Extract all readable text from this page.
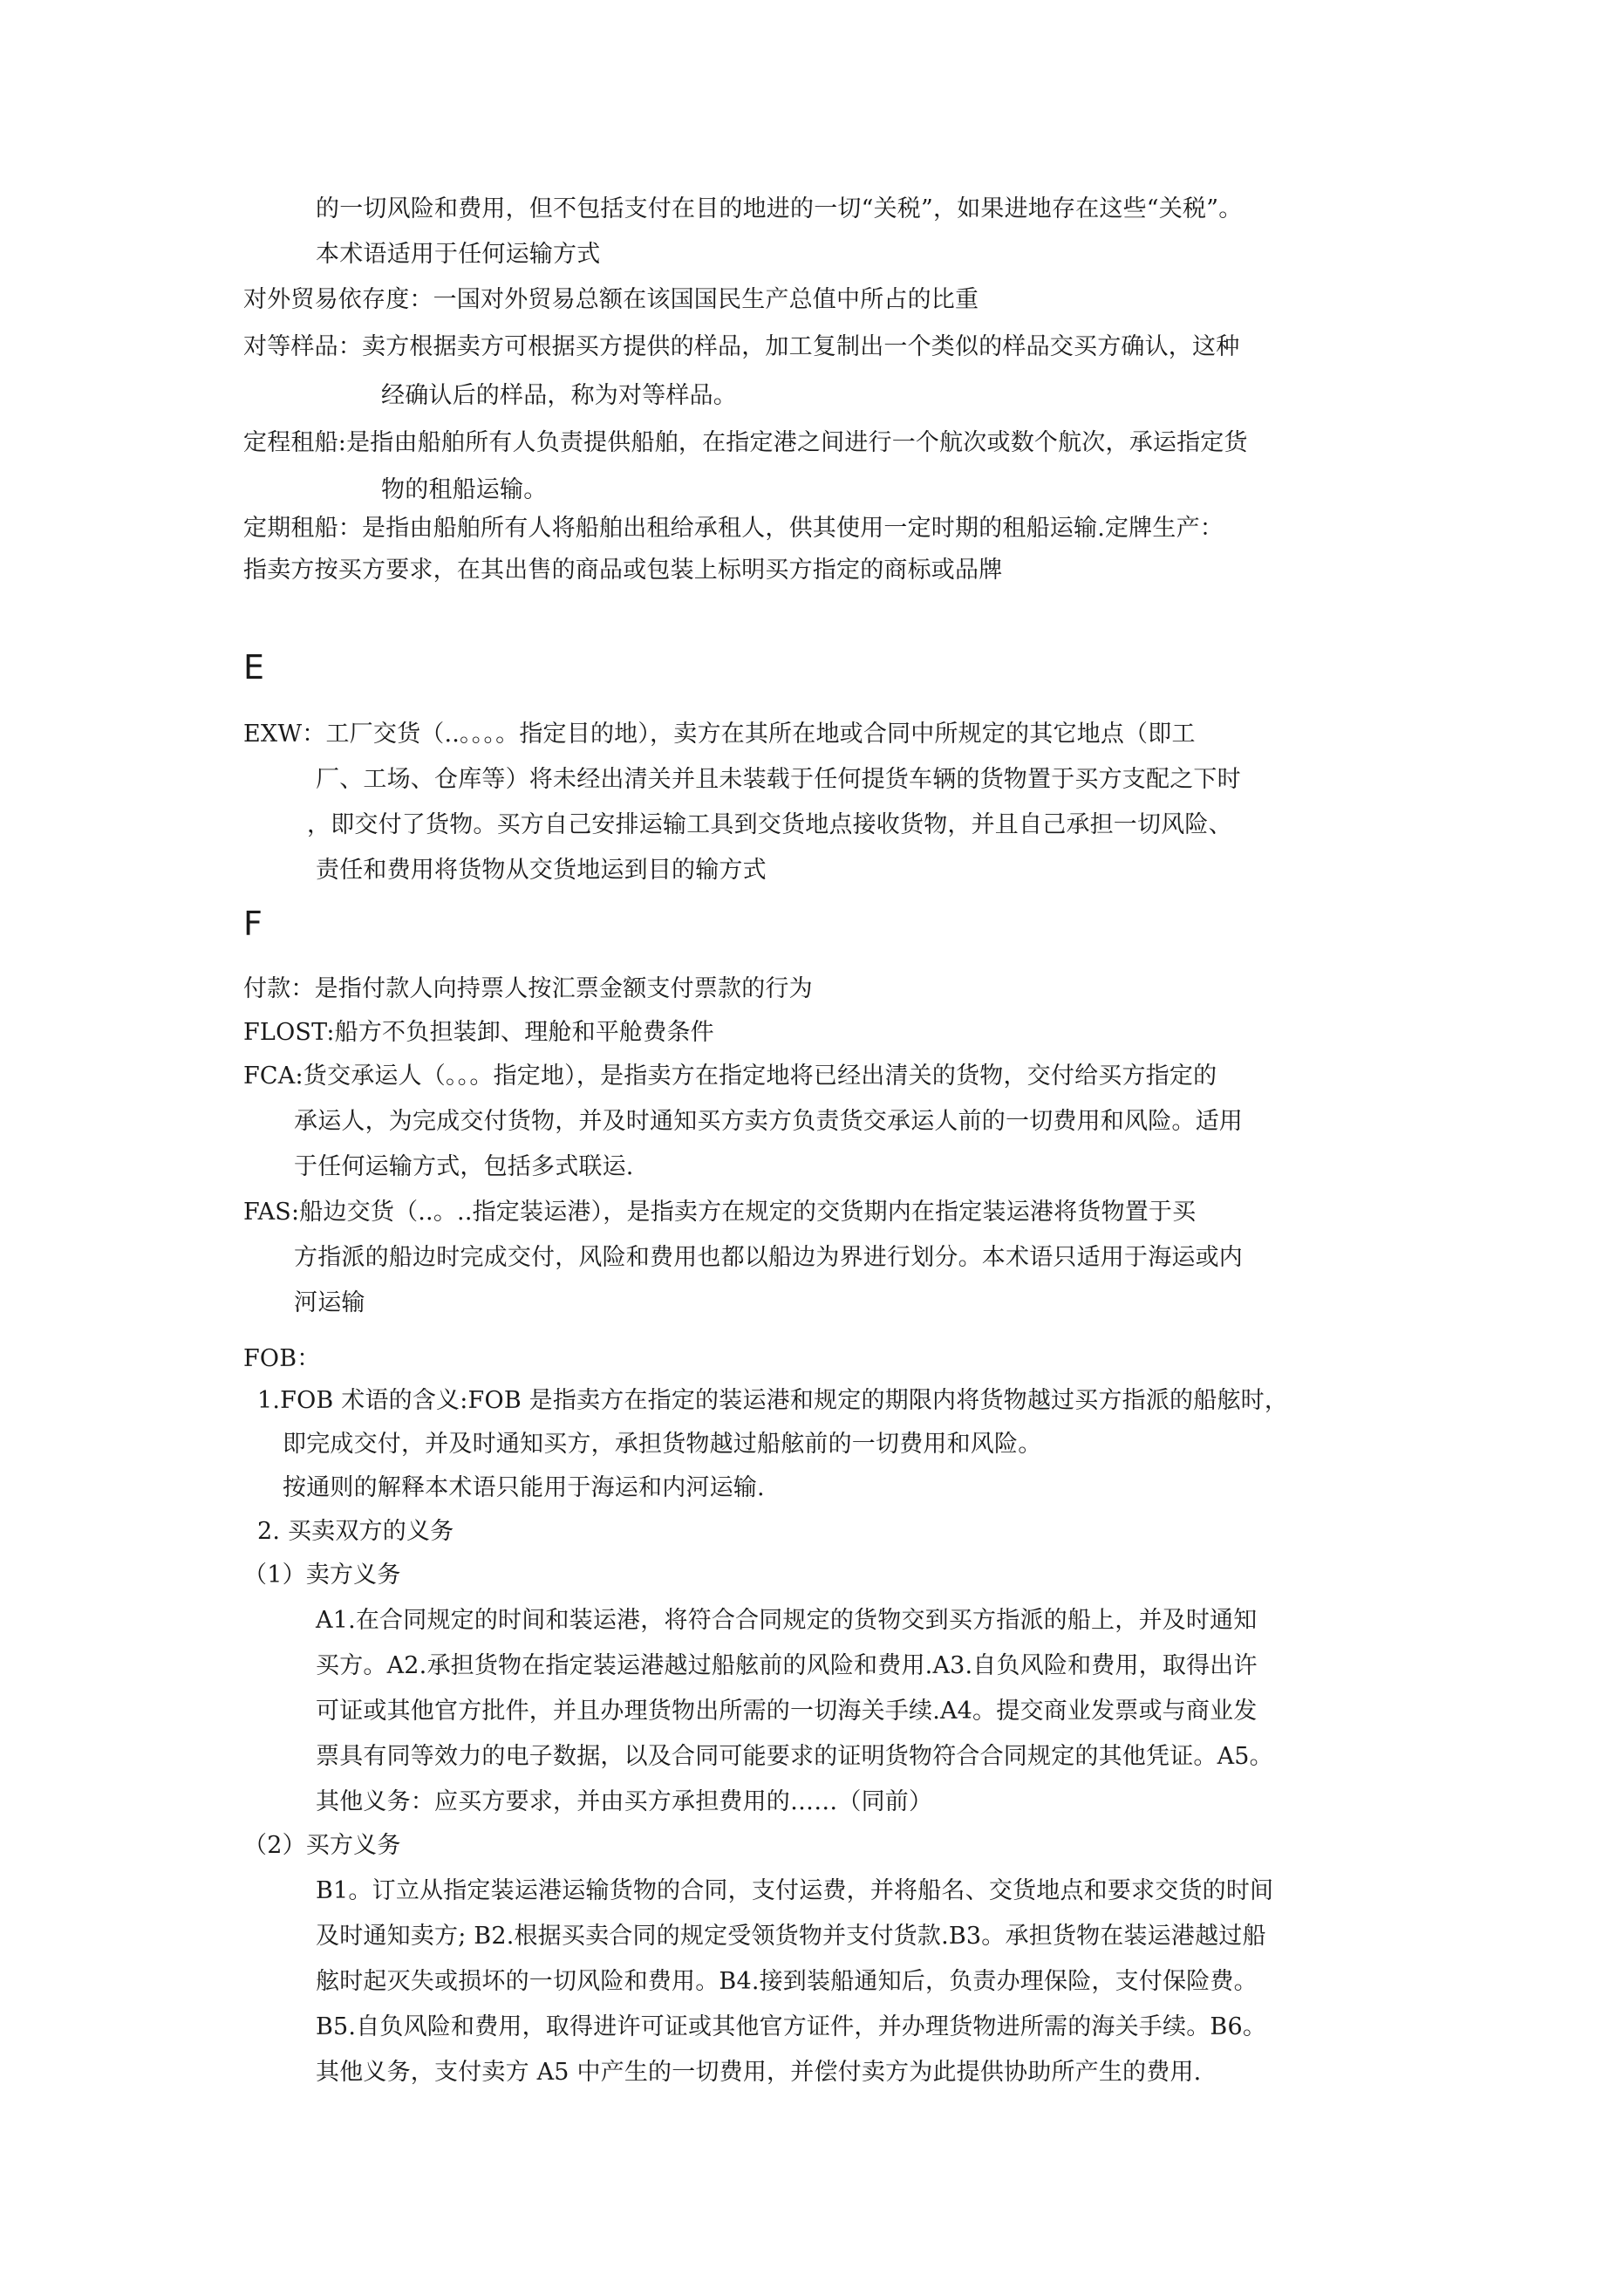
的一切风险和费用，但不包括支付在目的地进的一切“关税”，如果进地存在这些“关税”。
本术语适用于任何运输方式
对外贸易依存度：一国对外贸易总额在该国国民生产总值中所占的比重
对等样品：卖方根据卖方可根据买方提供的样品，加工复制出一个类似的样品交买方确认，这种
经确认后的样品，称为对等样品。
定程租船:是指由船舶所有人负责提供船舶，在指定港之间进行一个航次或数个航次，承运指定货
物的租船运输。
定期租船：是指由船舶所有人将船舶出租给承租人，供其使用一定时期的租船运输.定牌生产：
指卖方按买方要求，在其出售的商品或包装上标明买方指定的商标或品牌
E
EXW：工厂交货（..。。。。指定目的地），卖方在其所在地或合同中所规定的其它地点（即工
厂、工场、仓库等）将未经出清关并且未装载于任何提货车辆的货物置于买方支配之下时
，即交付了货物。买方自己安排运输工具到交货地点接收货物，并且自己承担一切风险、
责任和费用将货物从交货地运到目的输方式
F
付款：是指付款人向持票人按汇票金额支付票款的行为
FLOST:船方不负担装卸、理舱和平舱费条件
FCA:货交承运人（。。。指定地），是指卖方在指定地将已经出清关的货物，交付给买方指定的
承运人，为完成交付货物，并及时通知买方卖方负责货交承运人前的一切费用和风险。适用
于任何运输方式，包括多式联运.
FAS:船边交货（..。..指定装运港），是指卖方在规定的交货期内在指定装运港将货物置于买
方指派的船边时完成交付，风险和费用也都以船边为界进行划分。本术语只适用于海运或内
河运输
FOB：
1.FOB 术语的含义:FOB 是指卖方在指定的装运港和规定的期限内将货物越过买方指派的船舷时，
即完成交付，并及时通知买方，承担货物越过船舷前的一切费用和风险。
按通则的解释本术语只能用于海运和内河运输.
2. 买卖双方的义务
（1）卖方义务
A1.在合同规定的时间和装运港，将符合合同规定的货物交到买方指派的船上，并及时通知
买方。A2.承担货物在指定装运港越过船舷前的风险和费用.A3.自负风险和费用，取得出许
可证或其他官方批件，并且办理货物出所需的一切海关手续.A4。提交商业发票或与商业发
票具有同等效力的电子数据，以及合同可能要求的证明货物符合合同规定的其他凭证。A5。
其他义务：应买方要求，并由买方承担费用的……（同前）
（2）买方义务
B1。订立从指定装运港运输货物的合同，支付运费，并将船名、交货地点和要求交货的时间
及时通知卖方; B2.根据买卖合同的规定受领货物并支付货款.B3。承担货物在装运港越过船
舷时起灭失或损坏的一切风险和费用。B4.接到装船通知后，负责办理保险，支付保险费。
B5.自负风险和费用，取得进许可证或其他官方证件，并办理货物进所需的海关手续。B6。
其他义务，支付卖方 A5 中产生的一切费用，并偿付卖方为此提供协助所产生的费用.
